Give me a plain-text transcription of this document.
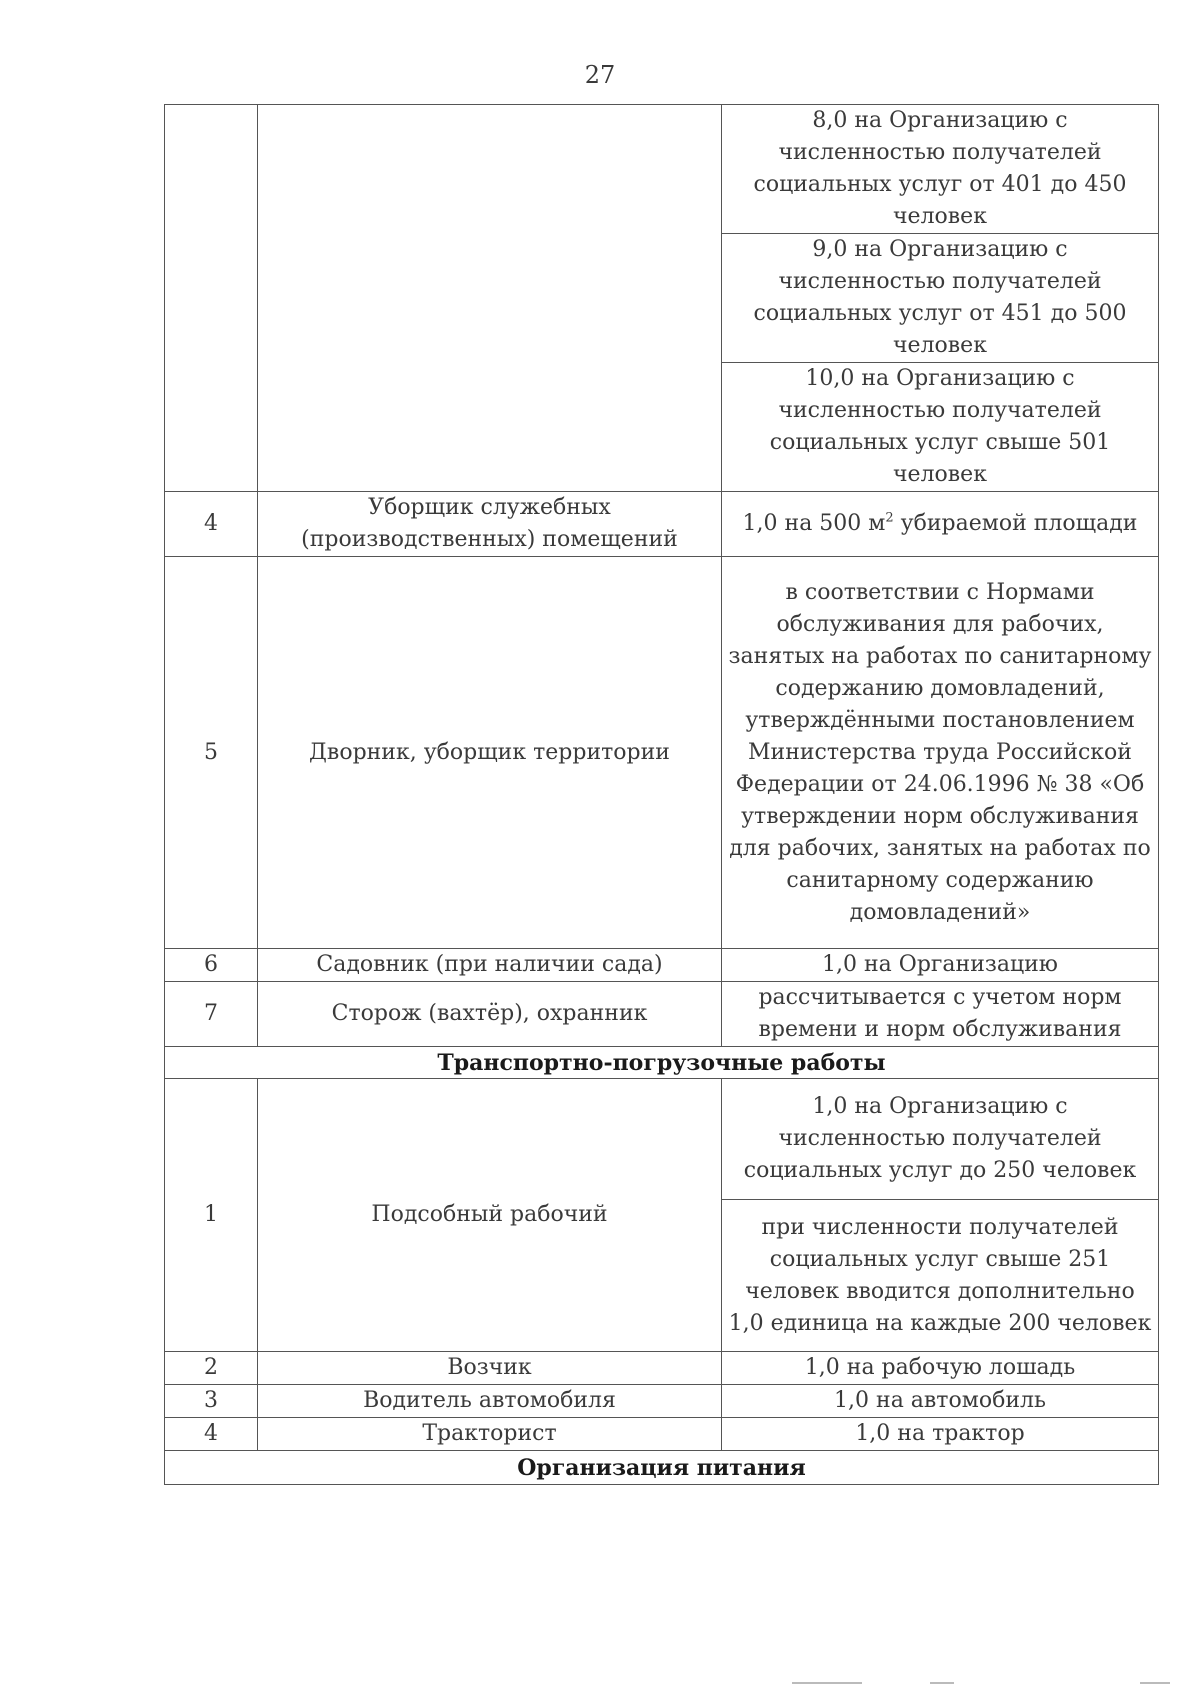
27
		8,0 на Организацию с численностью получателей социальных услуг от 401 до 450 человек
		9,0 на Организацию с численностью получателей социальных услуг от 451 до 500 человек
		10,0 на Организацию с численностью получателей социальных услуг свыше 501 человек
4	Уборщик служебных (производственных) помещений	1,0 на 500 $м^2$ убираемой площади
5	Дворник, уборщик территории	в соответствии с Нормами обслуживания для рабочих, занятых на работах по санитарному содержанию домовладений, утверждёнными постановлением Министерства труда Российской Федерации от 24.06.1996 № 38 «Об утверждении норм обслуживания для рабочих, занятых на работах по санитарному содержанию домовладений»
6	Садовник (при наличии сада)	1,0 на Организацию
7	Сторож (вахтёр), охранник	рассчитывается с учетом норм времени и норм обслуживания
Транспортно-погрузочные работы		
1	Подсобный рабочий	1,0 на Организацию с численностью получателей социальных услуг до 250 человек
		при численности получателей социальных услуг свыше 251 человек вводится дополнительно 1,0 единица на каждые 200 человек
2	Возчик	1,0 на рабочую лошадь
3	Водитель автомобиля	1,0 на автомобиль
4	Тракторист	1,0 на трактор
Организация питания		
